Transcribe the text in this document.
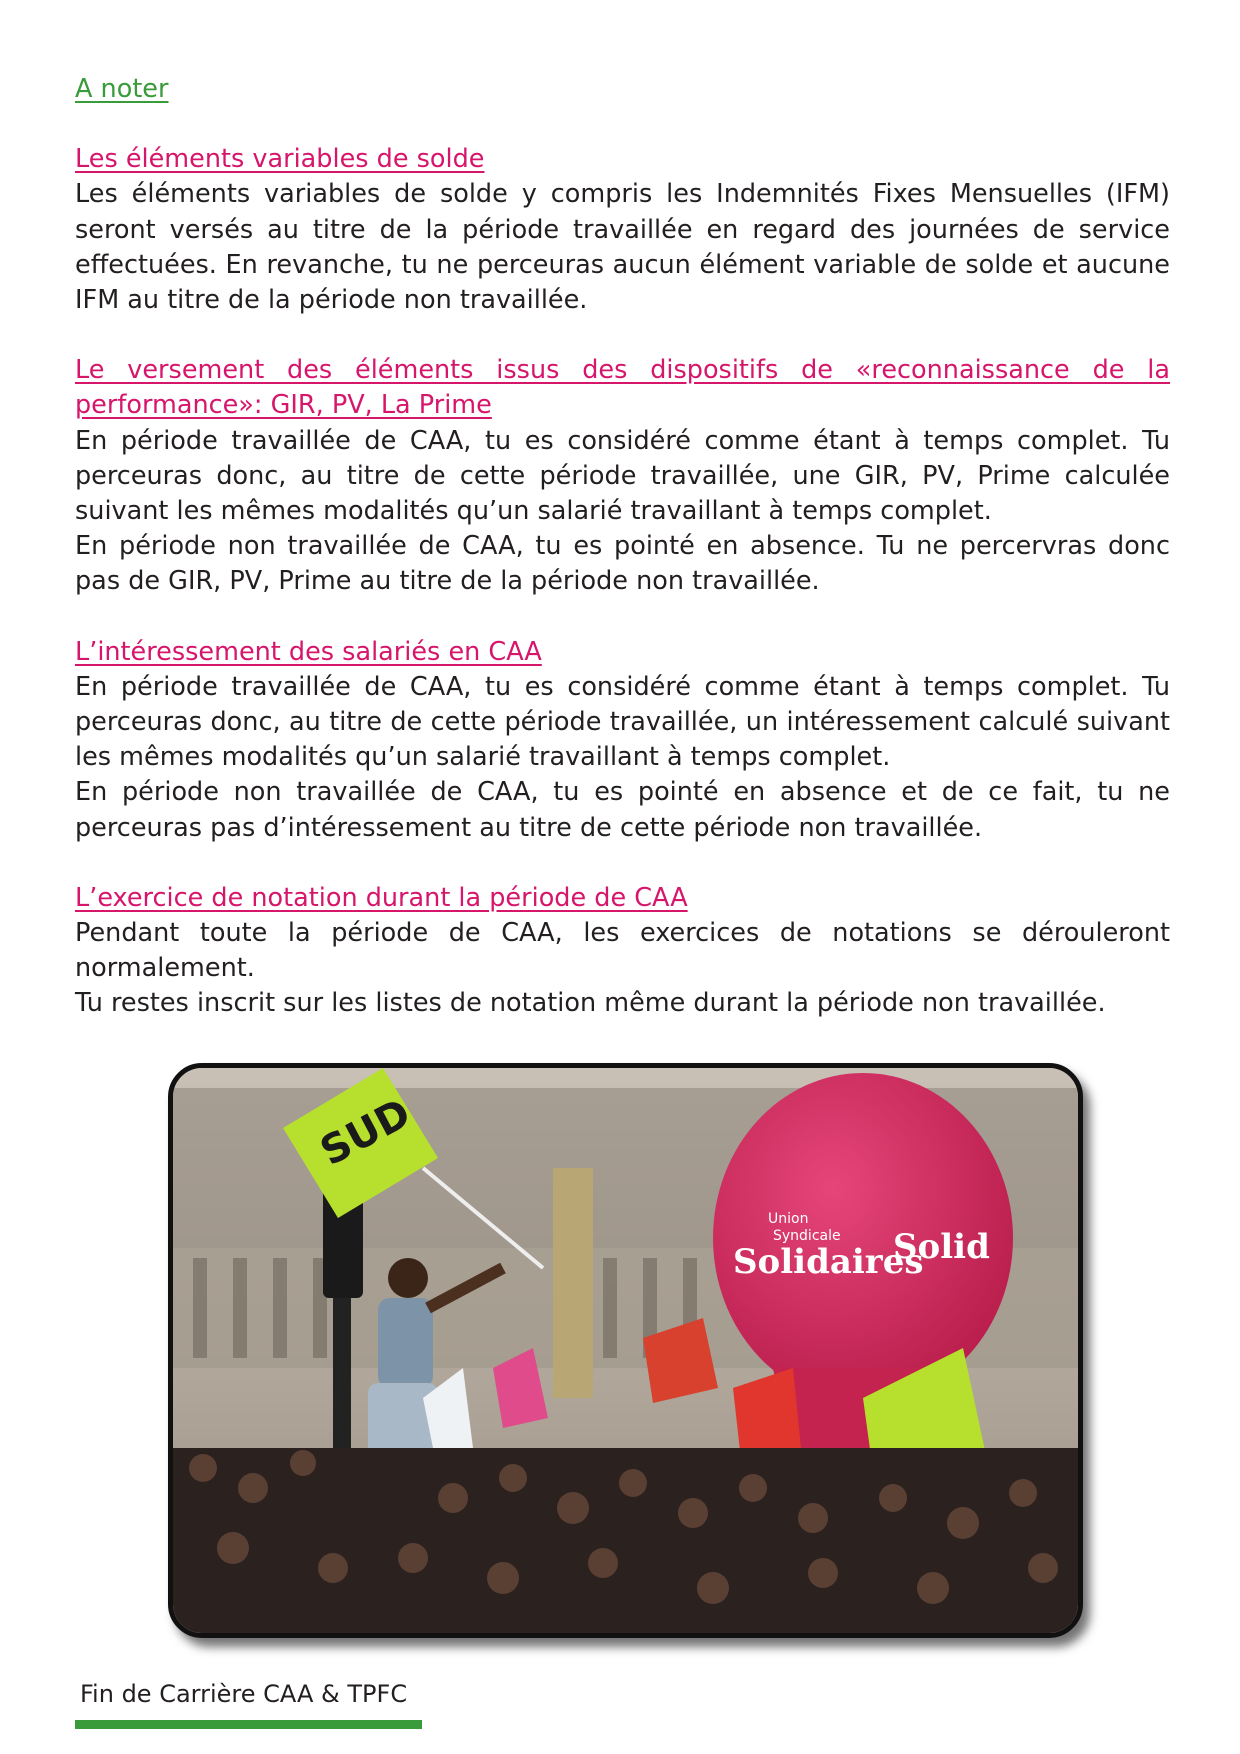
A noter

Les éléments variables de solde

Les éléments variables de solde y compris les Indemnités Fixes Mensuelles (IFM) seront versés au titre de la période travaillée en regard des journées de service effectuées. En revanche, tu ne perceuras aucun élément variable de solde et aucune IFM au titre de la période non travaillée.

Le versement des éléments issus des dispositifs de «reconnaissance de la performance»: GIR, PV, La Prime

En période travaillée de CAA, tu es considéré comme étant à temps complet. Tu perceuras donc, au titre de cette période travaillée, une GIR, PV, Prime calculée suivant les mêmes modalités qu’un salarié travaillant à temps complet.

En période non travaillée de CAA, tu es pointé en absence. Tu ne percervras donc pas de GIR, PV, Prime au titre de la période non travaillée.

L’intéressement des salariés en CAA

En période travaillée de CAA, tu es considéré comme étant à temps complet. Tu perceuras donc, au titre de cette période travaillée, un intéressement calculé suivant les mêmes modalités qu’un salarié travaillant à temps complet.

En période non travaillée de CAA, tu es pointé en absence et de ce fait, tu ne perceuras pas d’intéressement au titre de cette période non travaillée.

L’exercice de notation durant la période de CAA

Pendant toute la période de CAA, les exercices de notations se dérouleront normalement.

Tu restes inscrit sur les listes de notation même durant la période non travaillée.

Union
Syndicale
Solidaires
Solid
SUD
Fin de Carrière CAA & TPFC
